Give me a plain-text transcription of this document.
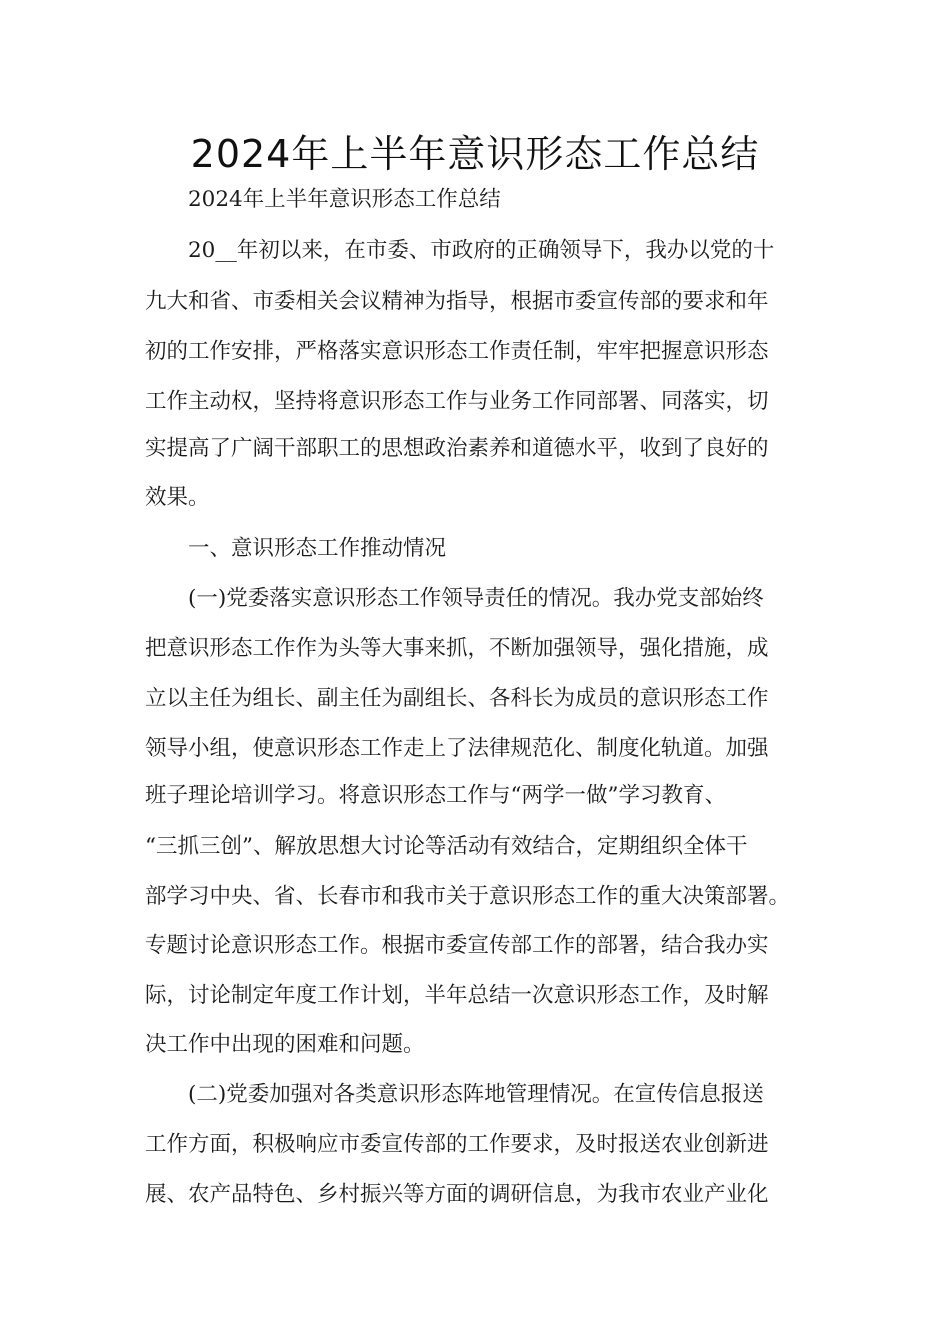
2024年上半年意识形态工作总结
2024年上半年意识形态工作总结
20__年初以来，在市委、市政府的正确领导下，我办以党的十
九大和省、市委相关会议精神为指导，根据市委宣传部的要求和年
初的工作安排，严格落实意识形态工作责任制，牢牢把握意识形态
工作主动权，坚持将意识形态工作与业务工作同部署、同落实，切
实提高了广阔干部职工的思想政治素养和道德水平，收到了良好的
效果。
一、意识形态工作推动情况
(一)党委落实意识形态工作领导责任的情况。我办党支部始终
把意识形态工作作为头等大事来抓，不断加强领导，强化措施，成
立以主任为组长、副主任为副组长、各科长为成员的意识形态工作
领导小组，使意识形态工作走上了法律规范化、制度化轨道。加强
班子理论培训学习。将意识形态工作与“两学一做”学习教育、
“三抓三创”、解放思想大讨论等活动有效结合，定期组织全体干
部学习中央、省、长春市和我市关于意识形态工作的重大决策部署。
专题讨论意识形态工作。根据市委宣传部工作的部署，结合我办实
际，讨论制定年度工作计划，半年总结一次意识形态工作，及时解
决工作中出现的困难和问题。
(二)党委加强对各类意识形态阵地管理情况。在宣传信息报送
工作方面，积极响应市委宣传部的工作要求，及时报送农业创新进
展、农产品特色、乡村振兴等方面的调研信息，为我市农业产业化
